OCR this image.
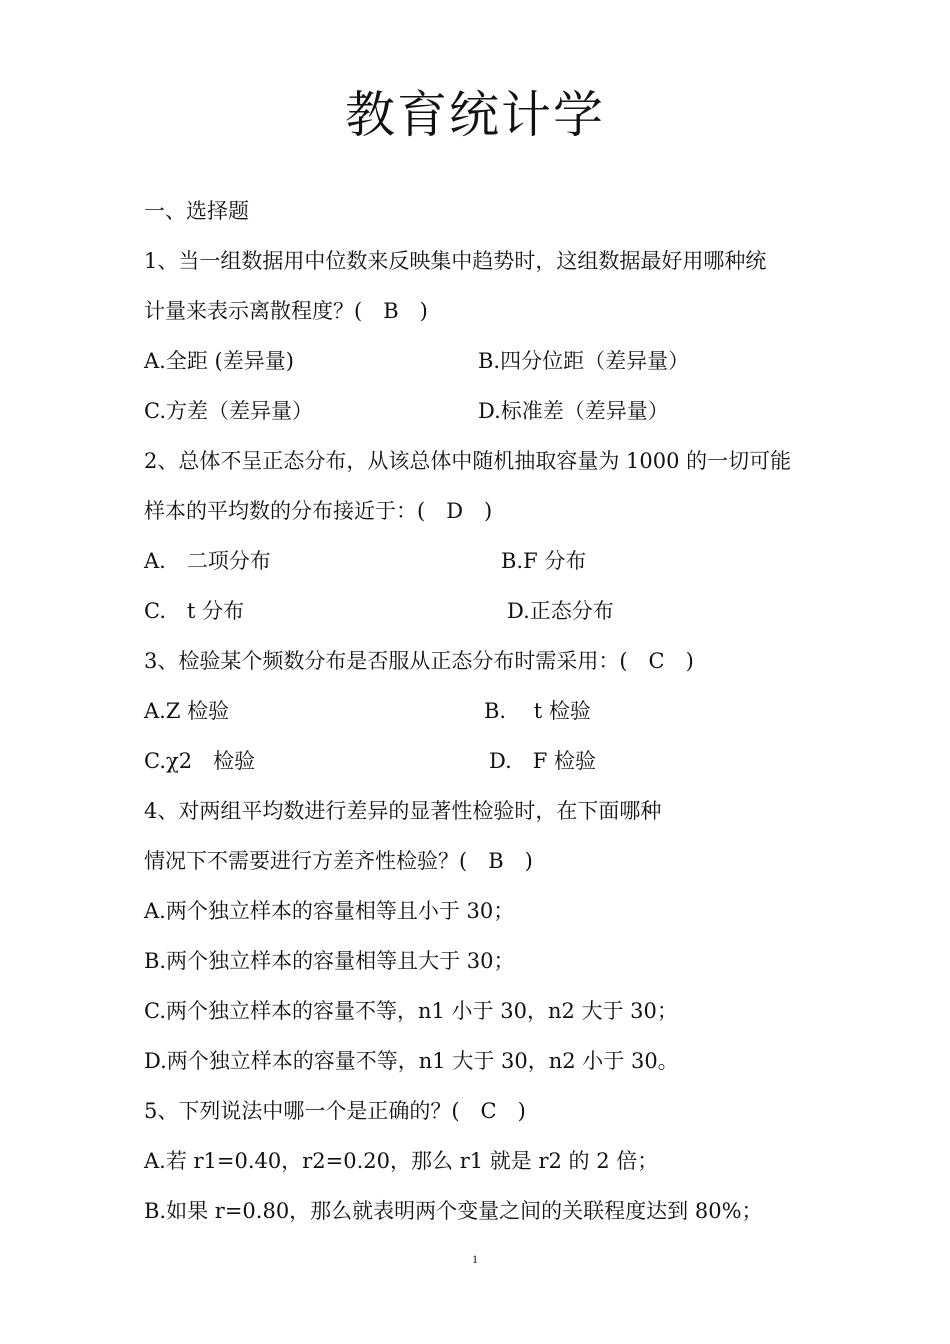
教育统计学
一、选择题
1、当一组数据用中位数来反映集中趋势时，这组数据最好用哪种统
计量来表示离散程度？(　B　)
A.全距 (差异量)	B.四分位距（差异量）
C.方差（差异量）	D.标准差（差异量）
2、总体不呈正态分布，从该总体中随机抽取容量为 1000 的一切可能
样本的平均数的分布接近于：(　D　)
A.　二项分布	B.F 分布
C.　t 分布	D.正态分布
3、检验某个频数分布是否服从正态分布时需采用：(　C　)
A.Z 检验	B.　 t 检验
C.χ2　检验	D.　F 检验
4、对两组平均数进行差异的显著性检验时，在下面哪种
情况下不需要进行方差齐性检验？(　B　)
A.两个独立样本的容量相等且小于 30；
B.两个独立样本的容量相等且大于 30；
C.两个独立样本的容量不等，n1 小于 30，n2 大于 30；
D.两个独立样本的容量不等，n1 大于 30，n2 小于 30。
5、下列说法中哪一个是正确的？(　C　)
A.若 r1=0.40，r2=0.20，那么 r1 就是 r2 的 2 倍；
B.如果 r=0.80，那么就表明两个变量之间的关联程度达到 80%；
1
